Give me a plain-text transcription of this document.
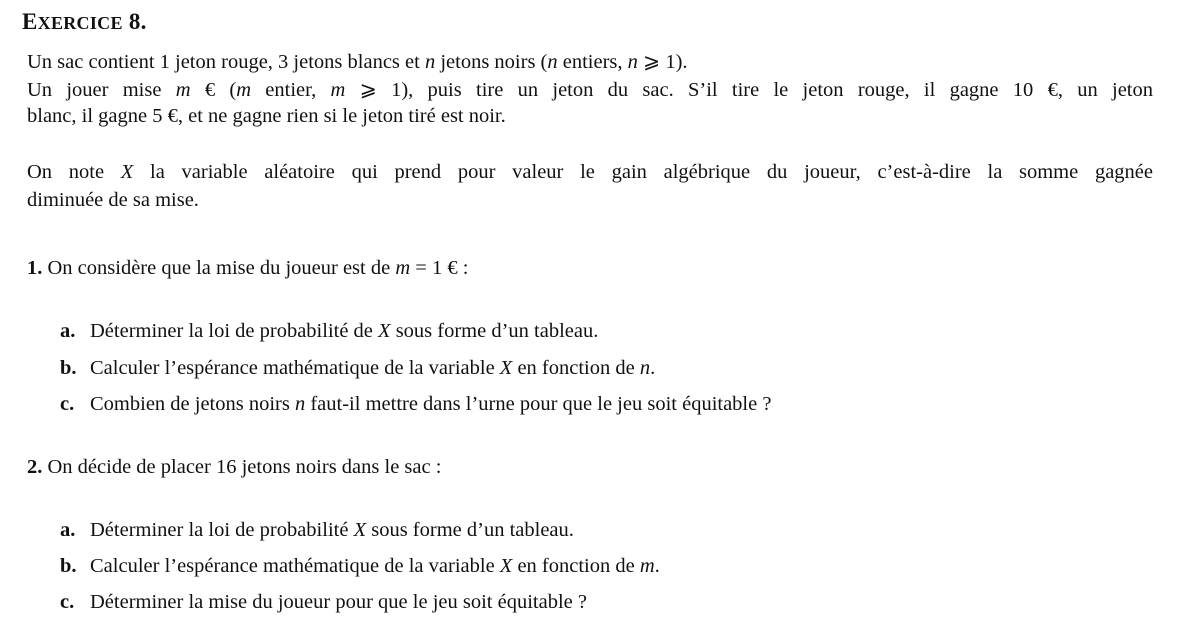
EXERCICE 8.
Un sac contient 1 jeton rouge, 3 jetons blancs et n jetons noirs (n entiers, n ⩾ 1).
Un jouer mise m € (m entier, m ⩾ 1), puis tire un jeton du sac. S’il tire le jeton rouge, il gagne 10 €, un jeton
blanc, il gagne 5 €, et ne gagne rien si le jeton tiré est noir.
On note X la variable aléatoire qui prend pour valeur le gain algébrique du joueur, c’est-à-dire la somme gagnée
diminuée de sa mise.
1. On considère que la mise du joueur est de m = 1 € :
a. Déterminer la loi de probabilité de X sous forme d’un tableau.
b. Calculer l’espérance mathématique de la variable X en fonction de n.
c. Combien de jetons noirs n faut-il mettre dans l’urne pour que le jeu soit équitable ?
2. On décide de placer 16 jetons noirs dans le sac :
a. Déterminer la loi de probabilité X sous forme d’un tableau.
b. Calculer l’espérance mathématique de la variable X en fonction de m.
c. Déterminer la mise du joueur pour que le jeu soit équitable ?
